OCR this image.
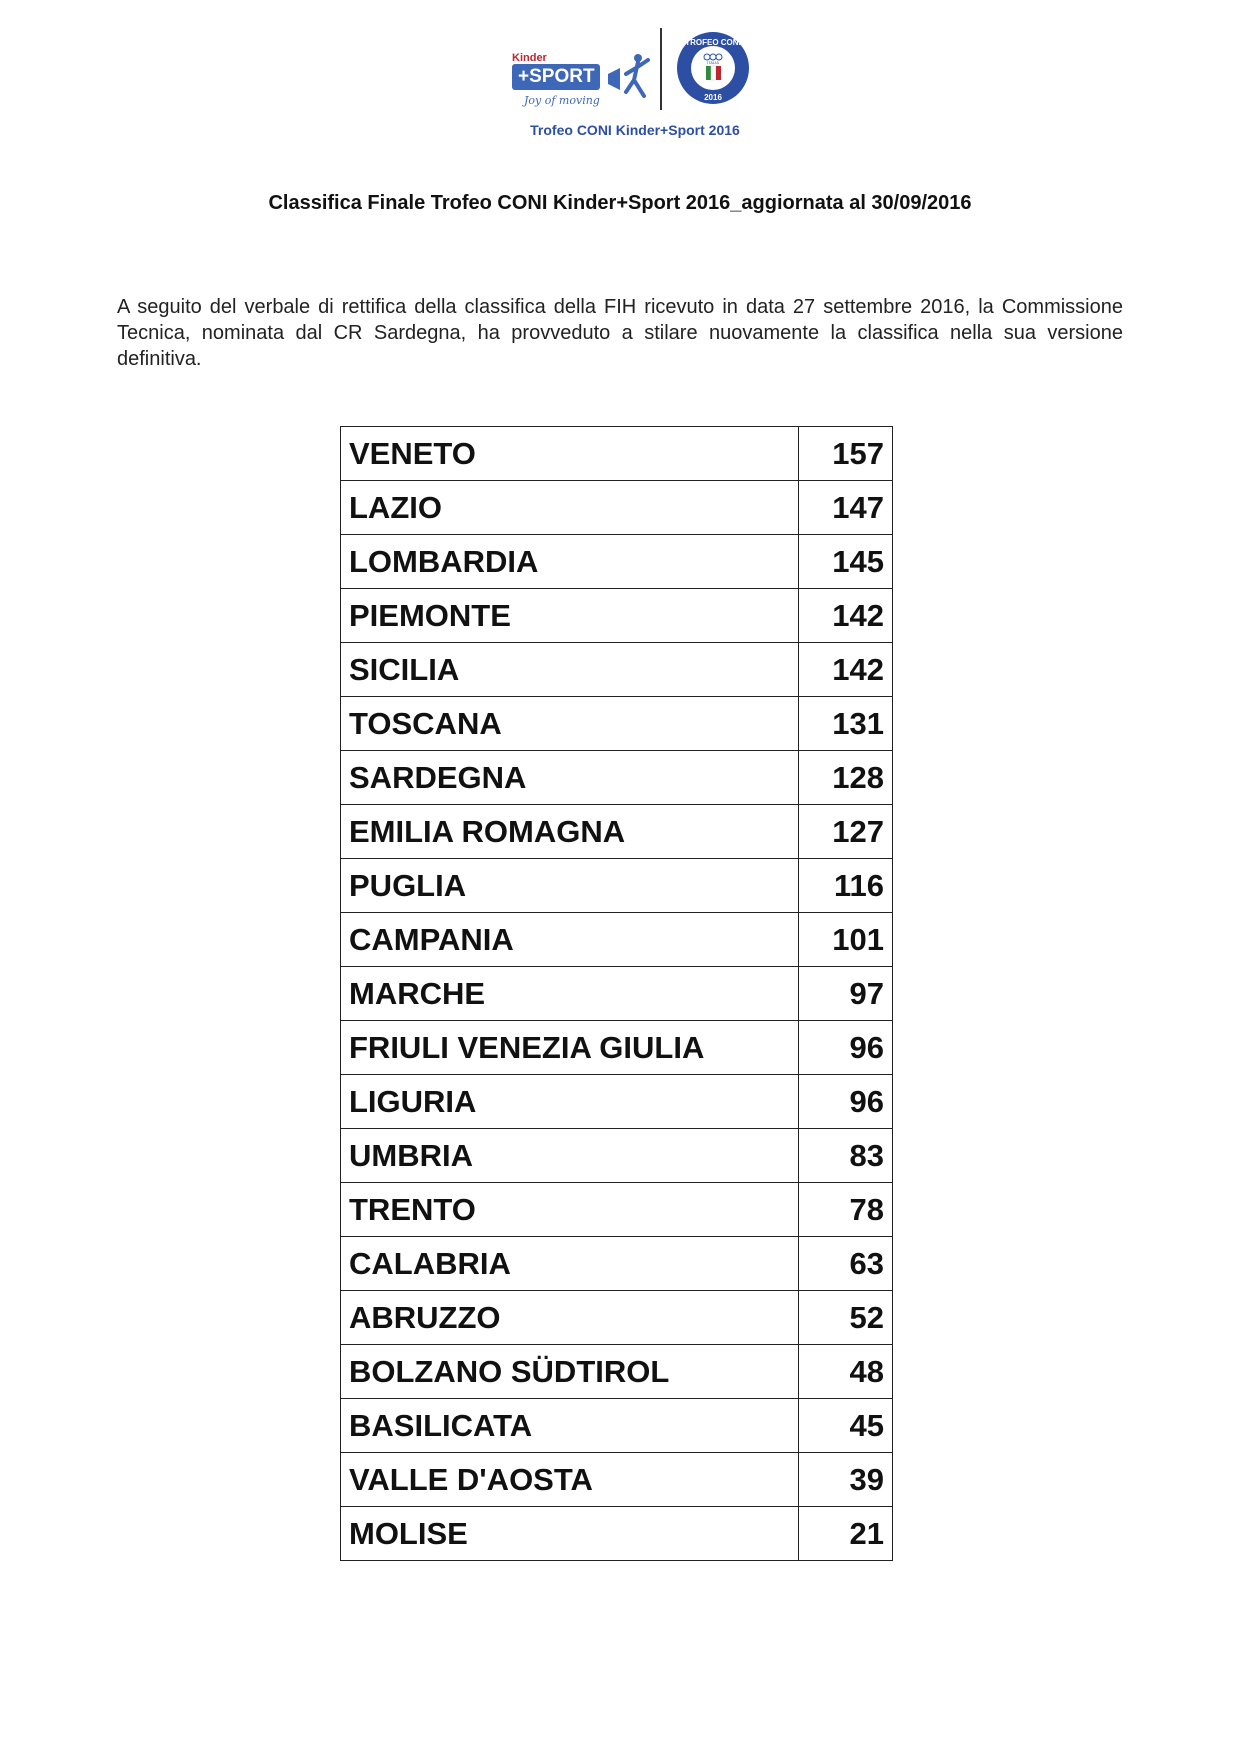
Kinder
+SPORT
Joy of moving
TROFEO CONI
ITALIA
2016
Trofeo CONI Kinder+Sport 2016
Classifica Finale Trofeo CONI Kinder+Sport 2016_aggiornata al 30/09/2016
A seguito del verbale di rettifica della classifica della FIH ricevuto in data 27 settembre 2016, la Commissione Tecnica, nominata dal CR Sardegna, ha provveduto a stilare nuovamente la classifica nella sua versione definitiva.
VENETO	157
LAZIO	147
LOMBARDIA	145
PIEMONTE	142
SICILIA	142
TOSCANA	131
SARDEGNA	128
EMILIA ROMAGNA	127
PUGLIA	116
CAMPANIA	101
MARCHE	97
FRIULI VENEZIA GIULIA	96
LIGURIA	96
UMBRIA	83
TRENTO	78
CALABRIA	63
ABRUZZO	52
BOLZANO SÜDTIROL	48
BASILICATA	45
VALLE D'AOSTA	39
MOLISE	21
